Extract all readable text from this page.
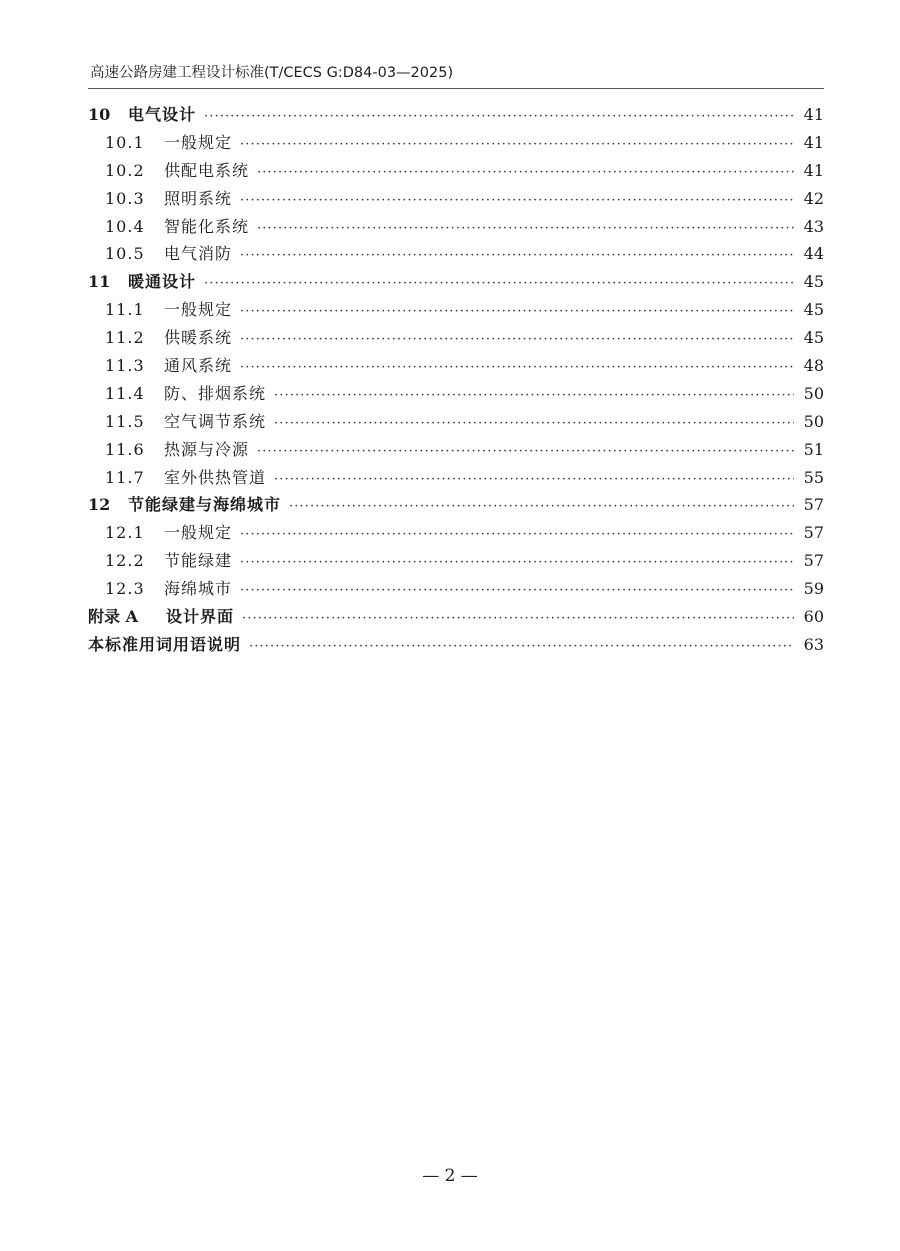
高速公路房建工程设计标准(T/CECS G:D84-03—2025)
10	电气设计 ·····	41
10.1	一般规定 ·····	41
10.2	供配电系统 ·····	41
10.3	照明系统 ·····	42
10.4	智能化系统 ·····	43
10.5	电气消防 ·····	44
11	暖通设计 ·····	45
11.1	一般规定 ·····	45
11.2	供暖系统 ·····	45
11.3	通风系统 ·····	48
11.4	防、排烟系统 ·····	50
11.5	空气调节系统 ·····	50
11.6	热源与冷源 ·····	51
11.7	室外供热管道 ·····	55
12	节能绿建与海绵城市 ·····	57
12.1	一般规定 ·····	57
12.2	节能绿建 ·····	57
12.3	海绵城市 ·····	59
附录 A	设计界面 ·····	60
本标准用词用语说明 ·····	63
— 2 —
